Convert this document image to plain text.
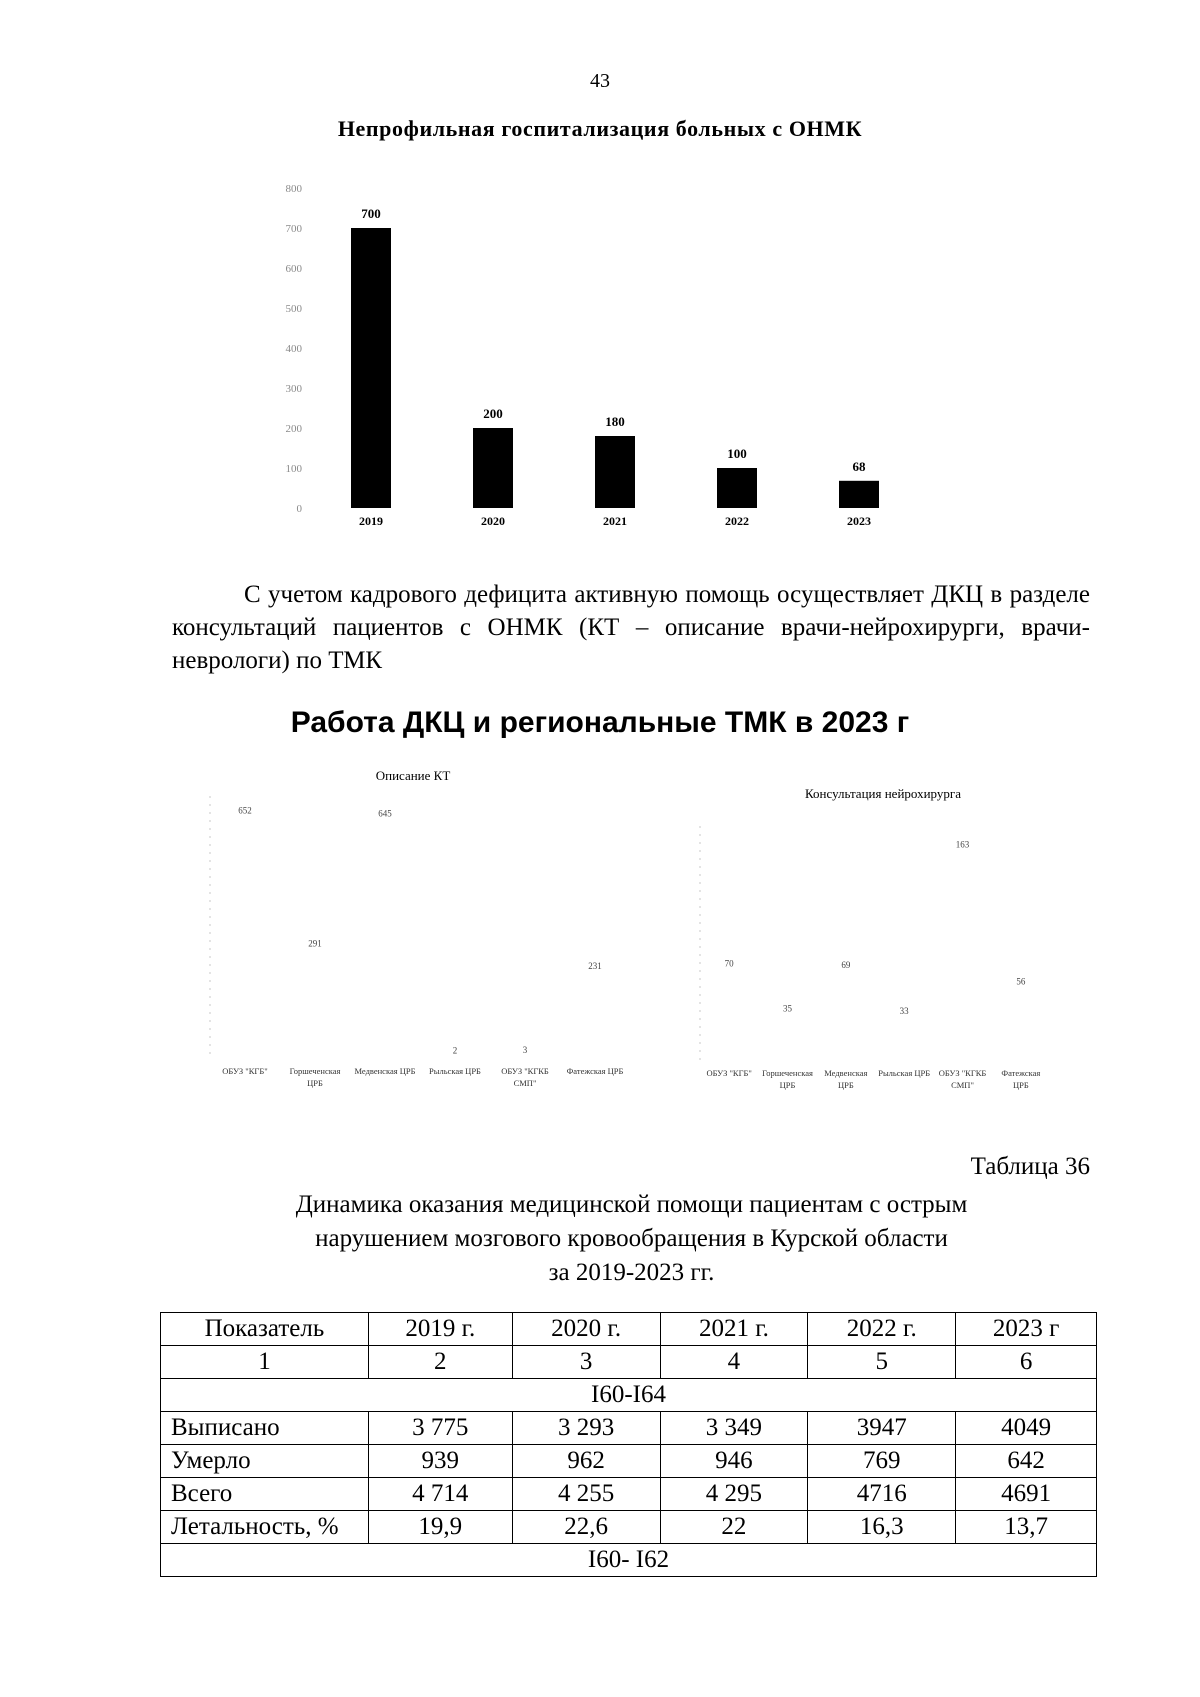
43
Непрофильная госпитализация больных с ОНМК
0
100
200
300
400
500
600
700
800
700
2019
200
2020
180
2021
100
2022
68
2023
С учетом кадрового дефицита активную помощь осуществляет ДКЦ в разделе консультаций пациентов с ОНМК (КТ – описание врачи-нейрохирурги, врачи-неврологи) по ТМК
Работа ДКЦ и региональные ТМК в 2023 г
Описание КТ
652
ОБУЗ "КГБ"
291
Горшеченская
ЦРБ
645
Медвенская ЦРБ
2
Рыльская ЦРБ
3
ОБУЗ "КГКБ
СМП"
231
Фатежская ЦРБ
Консультация нейрохирурга
70
ОБУЗ "КГБ"
35
Горшеченская
ЦРБ
69
Медвенская
ЦРБ
33
Рыльская ЦРБ
163
ОБУЗ "КГКБ
СМП"
56
Фатежская
ЦРБ
Таблица 36
Динамика оказания медицинской помощи пациентам с острым
нарушением мозгового кровообращения в Курской области
за 2019-2023 гг.
Показатель	2019 г.	2020 г.	2021 г.	2022 г.	2023 г
1	2	3	4	5	6
I60-I64					
Выписано	3 775	3 293	3 349	3947	4049
Умерло	939	962	946	769	642
Всего	4 714	4 255	4 295	4716	4691
Летальность, %	19,9	22,6	22	16,3	13,7
I60- I62					
